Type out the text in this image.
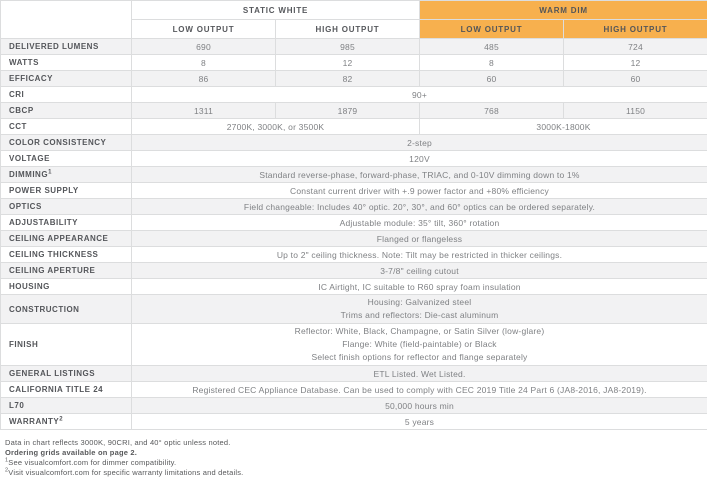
	STATIC WHITE		WARM DIM	
	LOW OUTPUT	HIGH OUTPUT	LOW OUTPUT	HIGH OUTPUT
DELIVERED LUMENS	690	985	485	724
WATTS	8	12	8	12
EFFICACY	86	82	60	60
CRI	90+			
CBCP	1311	1879	768	1150
CCT	2700K, 3000K, or 3500K		3000K-1800K	
COLOR CONSISTENCY	2-step			
VOLTAGE	120V			
DIMMING$^1$	Standard reverse-phase, forward-phase, TRIAC, and 0-10V dimming down to 1%			
POWER SUPPLY	Constant current driver with +.9 power factor and +80% efficiency			
OPTICS	Field changeable: Includes 40° optic. 20°, 30°, and 60° optics can be ordered separately.			
ADJUSTABILITY	Adjustable module: 35° tilt, 360° rotation			
CEILING APPEARANCE	Flanged or flangeless			
CEILING THICKNESS	Up to 2" ceiling thickness. Note: Tilt may be restricted in thicker ceilings.			
CEILING APERTURE	3-7/8" ceiling cutout			
HOUSING	IC Airtight, IC suitable to R60 spray foam insulation			
CONSTRUCTION	Housing: Galvanized steel
Trims and reflectors: Die-cast aluminum			

FINISH	Reflector: White, Black, Champagne, or Satin Silver (low-glare)
Flange: White (field-paintable) or Black
Select finish options for reflector and flange separately			

GENERAL LISTINGS	ETL Listed. Wet Listed.			
CALIFORNIA TITLE 24	Registered CEC Appliance Database. Can be used to comply with CEC 2019 Title 24 Part 6 (JA8-2016, JA8-2019).			
L70	50,000 hours min			
WARRANTY$^2$	5 years			
Data in chart reflects 3000K, 90CRI, and 40° optic unless noted.
Ordering grids available on page 2.
$^1$See visualcomfort.com for dimmer compatibility.
$^2$Visit visualcomfort.com for specific warranty limitations and details.
